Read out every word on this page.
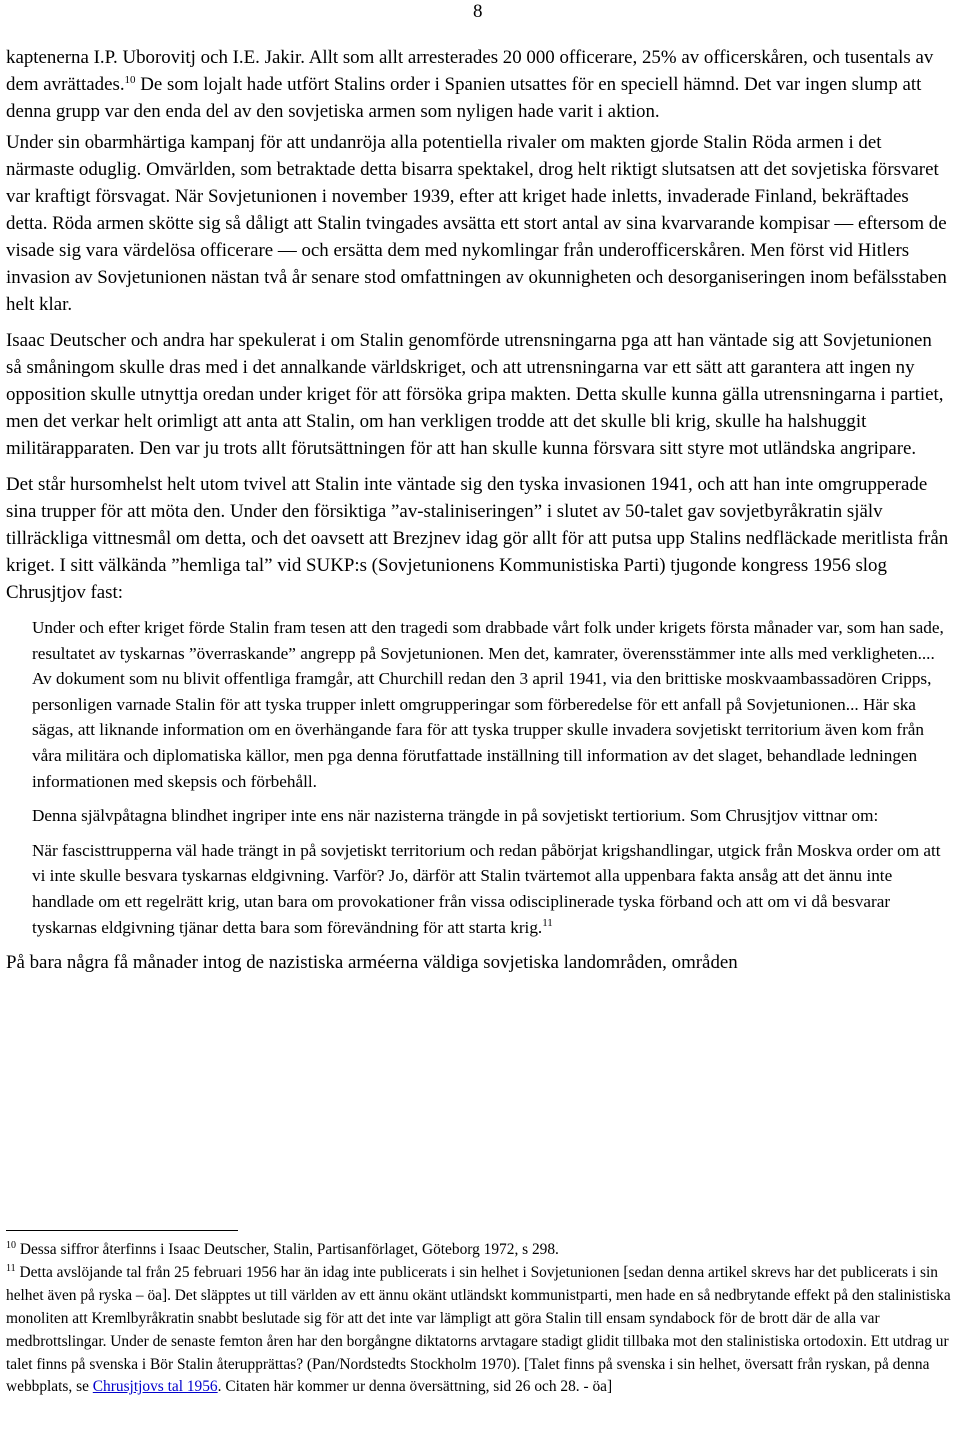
8

kaptenerna I.P. Uborovitj och I.E. Jakir. Allt som allt arresterades 20 000 officerare, 25% av officerskåren, och tusentals av dem avrättades.$^{10}$ De som lojalt hade utfört Stalins order i Spanien utsattes för en speciell hämnd. Det var ingen slump att denna grupp var den enda del av den sovjetiska armen som nyligen hade varit i aktion.

Under sin obarmhärtiga kampanj för att undanröja alla potentiella rivaler om makten gjorde Stalin Röda armen i det närmaste oduglig. Omvärlden, som betraktade detta bisarra spektakel, drog helt riktigt slutsatsen att det sovjetiska försvaret var kraftigt försvagat. När Sovjetunionen i november 1939, efter att kriget hade inletts, invaderade Finland, bekräftades detta. Röda armen skötte sig så dåligt att Stalin tvingades avsätta ett stort antal av sina kvarvarande kompisar — eftersom de visade sig vara värdelösa officerare — och ersätta dem med nykomlingar från underofficerskåren. Men först vid Hitlers invasion av Sovjetunionen nästan två år senare stod omfattningen av okunnigheten och desorganiseringen inom befälsstaben helt klar.

Isaac Deutscher och andra har spekulerat i om Stalin genomförde utrensningarna pga att han väntade sig att Sovjetunionen så småningom skulle dras med i det annalkande världskriget, och att utrensningarna var ett sätt att garantera att ingen ny opposition skulle utnyttja oredan under kriget för att försöka gripa makten. Detta skulle kunna gälla utrensningarna i partiet, men det verkar helt orimligt att anta att Stalin, om han verkligen trodde att det skulle bli krig, skulle ha halshuggit militärapparaten. Den var ju trots allt förutsättningen för att han skulle kunna försvara sitt styre mot utländska angripare.

Det står hursomhelst helt utom tvivel att Stalin inte väntade sig den tyska invasionen 1941, och att han inte omgrupperade sina trupper för att möta den. Under den försiktiga ”av-staliniseringen” i slutet av 50-talet gav sovjetbyråkratin själv tillräckliga vittnesmål om detta, och det oavsett att Brezjnev idag gör allt för att putsa upp Stalins nedfläckade meritlista från kriget. I sitt välkända ”hemliga tal” vid SUKP:s (Sovjetunionens Kommunistiska Parti) tjugonde kongress 1956 slog Chrusjtjov fast:

Under och efter kriget förde Stalin fram tesen att den tragedi som drabbade vårt folk under krigets första månader var, som han sade, resultatet av tyskarnas ”överraskande” angrepp på Sovjetunionen. Men det, kamrater, överensstämmer inte alls med verkligheten.... Av dokument som nu blivit offentliga framgår, att Churchill redan den 3 april 1941, via den brittiske moskvaambassadören Cripps, personligen varnade Stalin för att tyska trupper inlett omgrupperingar som förberedelse för ett anfall på Sovjetunionen... Här ska sägas, att liknande information om en överhängande fara för att tyska trupper skulle invadera sovjetiskt territorium även kom från våra militära och diplomatiska källor, men pga denna förutfattade inställning till information av det slaget, behandlade ledningen informationen med skepsis och förbehåll.
Denna självpåtagna blindhet ingriper inte ens när nazisterna trängde in på sovjetiskt tertiorium. Som Chrusjtjov vittnar om:
När fascisttrupperna väl hade trängt in på sovjetiskt territorium och redan påbörjat krigshandlingar, utgick från Moskva order om att vi inte skulle besvara tyskarnas eldgivning. Varför? Jo, därför att Stalin tvärtemot alla uppenbara fakta ansåg att det ännu inte handlade om ett regelrätt krig, utan bara om provokationer från vissa odisciplinerade tyska förband och att om vi då besvarar tyskarnas eldgivning tjänar detta bara som förevändning för att starta krig.$^{11}$

På bara några få månader intog de nazistiska arméerna väldiga sovjetiska landområden, områden

$^{10}$ Dessa siffror återfinns i Isaac Deutscher, Stalin, Partisanförlaget, Göteborg 1972, s 298.

$^{11}$ Detta avslöjande tal från 25 februari 1956 har än idag inte publicerats i sin helhet i Sovjetunionen [sedan denna artikel skrevs har det publicerats i sin helhet även på ryska – öa]. Det släpptes ut till världen av ett ännu okänt utländskt kommunistparti, men hade en så nedbrytande effekt på den stalinistiska monoliten att Kremlbyråkratin snabbt beslutade sig för att det inte var lämpligt att göra Stalin till ensam syndabock för de brott där de alla var medbrottslingar. Under de senaste femton åren har den borgångne diktatorns arvtagare stadigt glidit tillbaka mot den stalinistiska ortodoxin. Ett utdrag ur talet finns på svenska i Bör Stalin återupprättas? (Pan/Nordstedts Stockholm 1970). [Talet finns på svenska i sin helhet, översatt från ryskan, på denna webbplats, se Chrusjtjovs tal 1956. Citaten här kommer ur denna översättning, sid 26 och 28. - öa]
